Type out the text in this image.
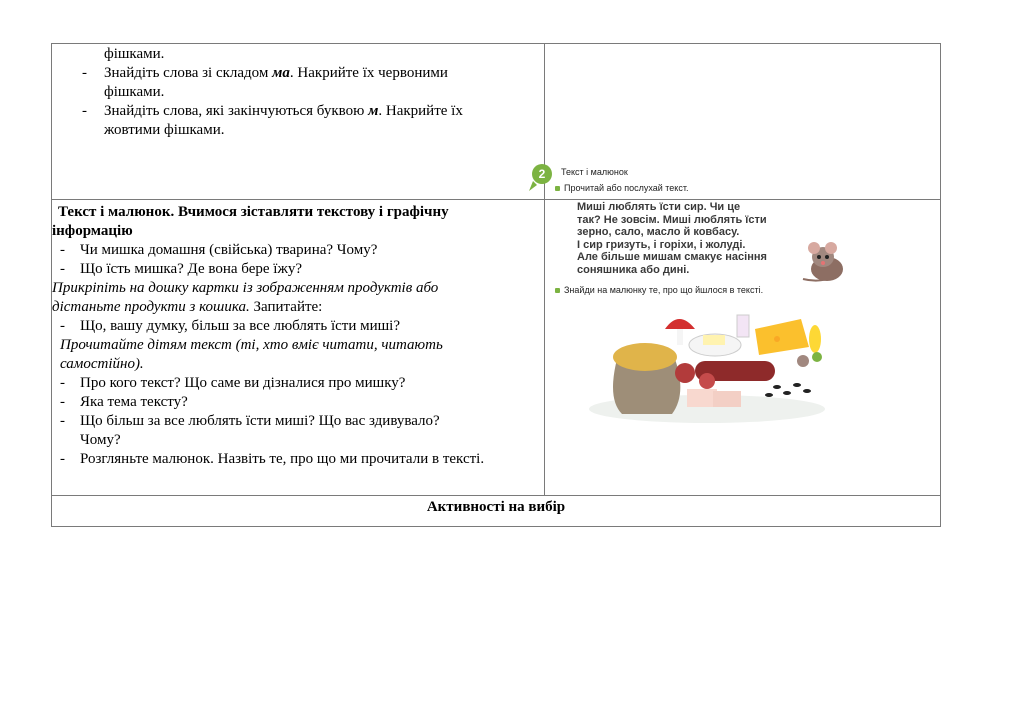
фішками.
- Знайдіть слова зі складом ма. Накрийте їх червоними
фішками.
- Знайдіть слова, які закінчуються буквою м. Накрийте їх
жовтими фішками.
Текст і малюнок. Вчимося зіставляти текстову і графічну
інформацію
- Чи мишка домашня (свійська) тварина? Чому?
- Що їсть мишка? Де вона бере їжу?
Прикріпіть на дошку картки із зображенням продуктів або
дістаньте продукти з кошика. Запитайте:
- Що, вашу думку, більш за все люблять їсти миші?
Прочитайте дітям текст (ті, хто вміє читати, читають
самостійно).
- Про кого текст? Що саме ви дізналися про мишку?
- Яка тема тексту?
- Що більш за все люблять їсти миші? Що вас здивувало?
Чому?
- Розгляньте малюнок. Назвіть те, про що ми прочитали в тексті.
Активності на вибір
2 Текст і малюнок
Прочитай або послухай текст.
Миші люблять їсти сир. Чи це
так? Не зовсім. Миші люблять їсти
зерно, сало, масло й ковбасу.
І сир гризуть, і горіхи, і жолуді.
Але більше мишам смакує насіння
соняшника або дині.
Знайди на малюнку те, про що йшлося в тексті.
